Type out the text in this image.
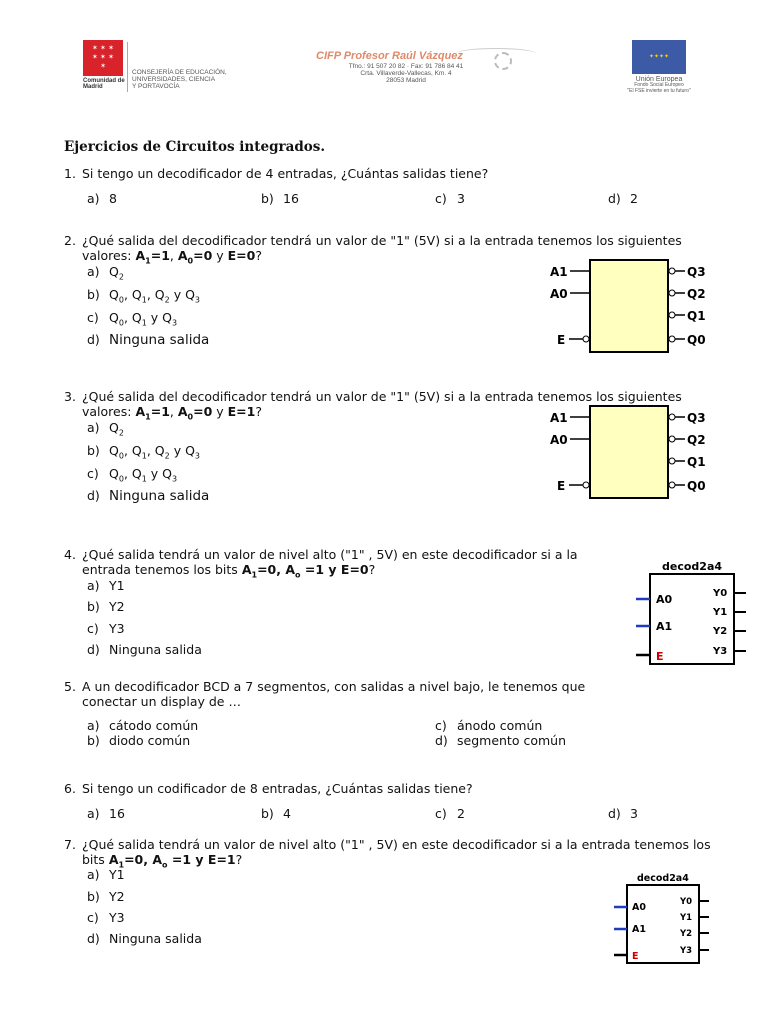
✶ ✶ ✶
✶ ✶ ✶
✶
Comunidad de Madrid
CONSEJERÍA DE EDUCACIÓN,
UNIVERSIDADES, CIENCIA
Y PORTAVOCÍA
CIFP Profesor Raúl Vázquez
Tfno.: 91 507 20 82 · Fax: 91 786 84 41
Crta. Villaverde-Vallecas, Km. 4
28053 Madrid
✦✦✦✦
Unión Europea
Fondo Social Europeo
"El FSE invierte en tu futuro"
Ejercicios de Circuitos integrados.
1. Si tengo un decodificador de 4 entradas, ¿Cuántas salidas tiene?
a) 8	b) 16	c) 3	d) 2
2. ¿Qué salida del decodificador tendrá un valor de "1" (5V) si a la entrada tenemos los siguientes
valores: $A_1=1$, $A_0=0$ y E=0?
a) $Q_2$
b) $Q_0$, $Q_1$, $Q_2$ y $Q_3$
c) $Q_0$, $Q_1$ y $Q_3$
d) Ninguna salida
A1
A0
E
Q3
Q2
Q1
Q0
3. ¿Qué salida del decodificador tendrá un valor de "1" (5V) si a la entrada tenemos los siguientes
valores: $A_1=1$, $A_0=0$ y E=1?
a) $Q_2$
b) $Q_0$, $Q_1$, $Q_2$ y $Q_3$
c) $Q_0$, $Q_1$ y $Q_3$
d) Ninguna salida
A1
A0
E
Q3
Q2
Q1
Q0
4. ¿Qué salida tendrá un valor de nivel alto ("1" , 5V) en este decodificador si a la
entrada tenemos los bits $A_1=0$, $A_o =1$ y E=0?
a) Y1
b) Y2
c) Y3
d) Ninguna salida
decod2a4
A0
A1
E
Y0
Y1
Y2
Y3
5. A un decodificador BCD a 7 segmentos, con salidas a nivel bajo, le tenemos que
conectar un display de …
a) cátodo común
b) diodo común
c) ánodo común
d) segmento común
6. Si tengo un codificador de 8 entradas, ¿Cuántas salidas tiene?
a) 16	b) 4	c) 2	d) 3
7. ¿Qué salida tendrá un valor de nivel alto ("1" , 5V) en este decodificador si a la entrada tenemos los
bits $A_1=0$, $A_o =1$ y E=1?
a) Y1
b) Y2
c) Y3
d) Ninguna salida
decod2a4
A0
A1
E
Y0
Y1
Y2
Y3
